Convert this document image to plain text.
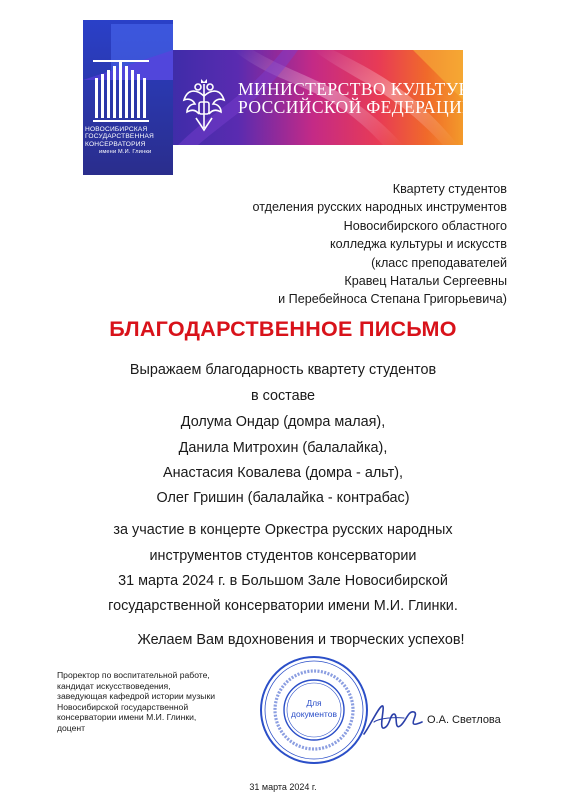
МИНИСТЕРСТВО КУЛЬТУРЫ
РОССИЙСКОЙ ФЕДЕРАЦИИ
НОВОСИБИРСКАЯ
ГОСУДАРСТВЕННАЯ
КОНСЕРВАТОРИЯ
имени М.И. Глинки
Квартету студентов
отделения русских народных инструментов
Новосибирского областного
колледжа культуры и искусств
(класс преподавателей
Кравец Натальи Сергеевны
и Перебейноса Степана Григорьевича)
БЛАГОДАРСТВЕННОЕ ПИСЬМО
Выражаем благодарность квартету студентов
в составе
Долума Ондар (домра малая),
Данила Митрохин (балалайка),
Анастасия Ковалева (домра - альт),
Олег Гришин (балалайка - контрабас)
за участие в концерте Оркестра русских народных
инструментов студентов консерватории
31 марта 2024 г. в Большом Зале Новосибирской
государственной консерватории имени М.И. Глинки.
Желаем Вам вдохновения и творческих успехов!
Проректор по воспитательной работе,
кандидат искусствоведения,
заведующая кафедрой истории музыки
Новосибирской государственной
консерватории имени М.И. Глинки,
доцент
Для
документов	О.А. Светлова
31 марта 2024 г.
